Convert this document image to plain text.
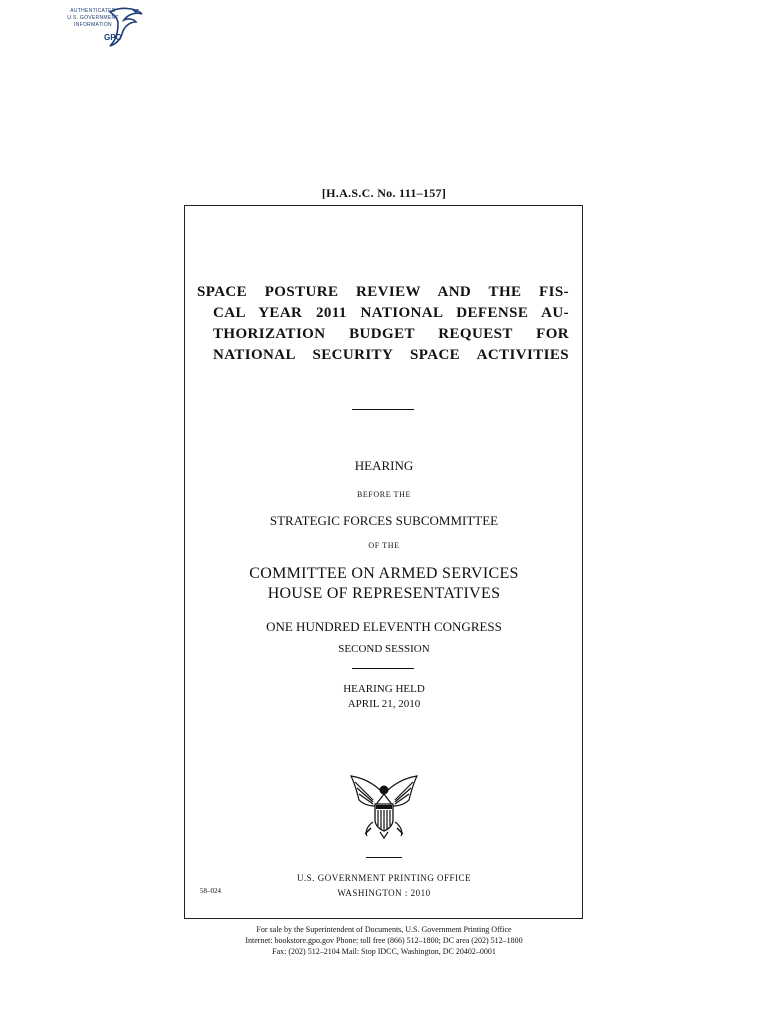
AUTHENTICATED
U.S. GOVERNMENT
INFORMATION
GPO
[H.A.S.C. No. 111–157]
SPACE POSTURE REVIEW AND THE FIS-
CAL YEAR 2011 NATIONAL DEFENSE AU-
THORIZATION BUDGET REQUEST FOR
NATIONAL SECURITY SPACE ACTIVITIES
HEARING
BEFORE THE
STRATEGIC FORCES SUBCOMMITTEE
OF THE
COMMITTEE ON ARMED SERVICES
HOUSE OF REPRESENTATIVES
ONE HUNDRED ELEVENTH CONGRESS
SECOND SESSION
HEARING HELD
APRIL 21, 2010
U.S. GOVERNMENT PRINTING OFFICE
58–024	WASHINGTON : 2010
For sale by the Superintendent of Documents, U.S. Government Printing Office
Internet: bookstore.gpo.gov Phone: toll free (866) 512–1800; DC area (202) 512–1800
Fax: (202) 512–2104 Mail: Stop IDCC, Washington, DC 20402–0001
